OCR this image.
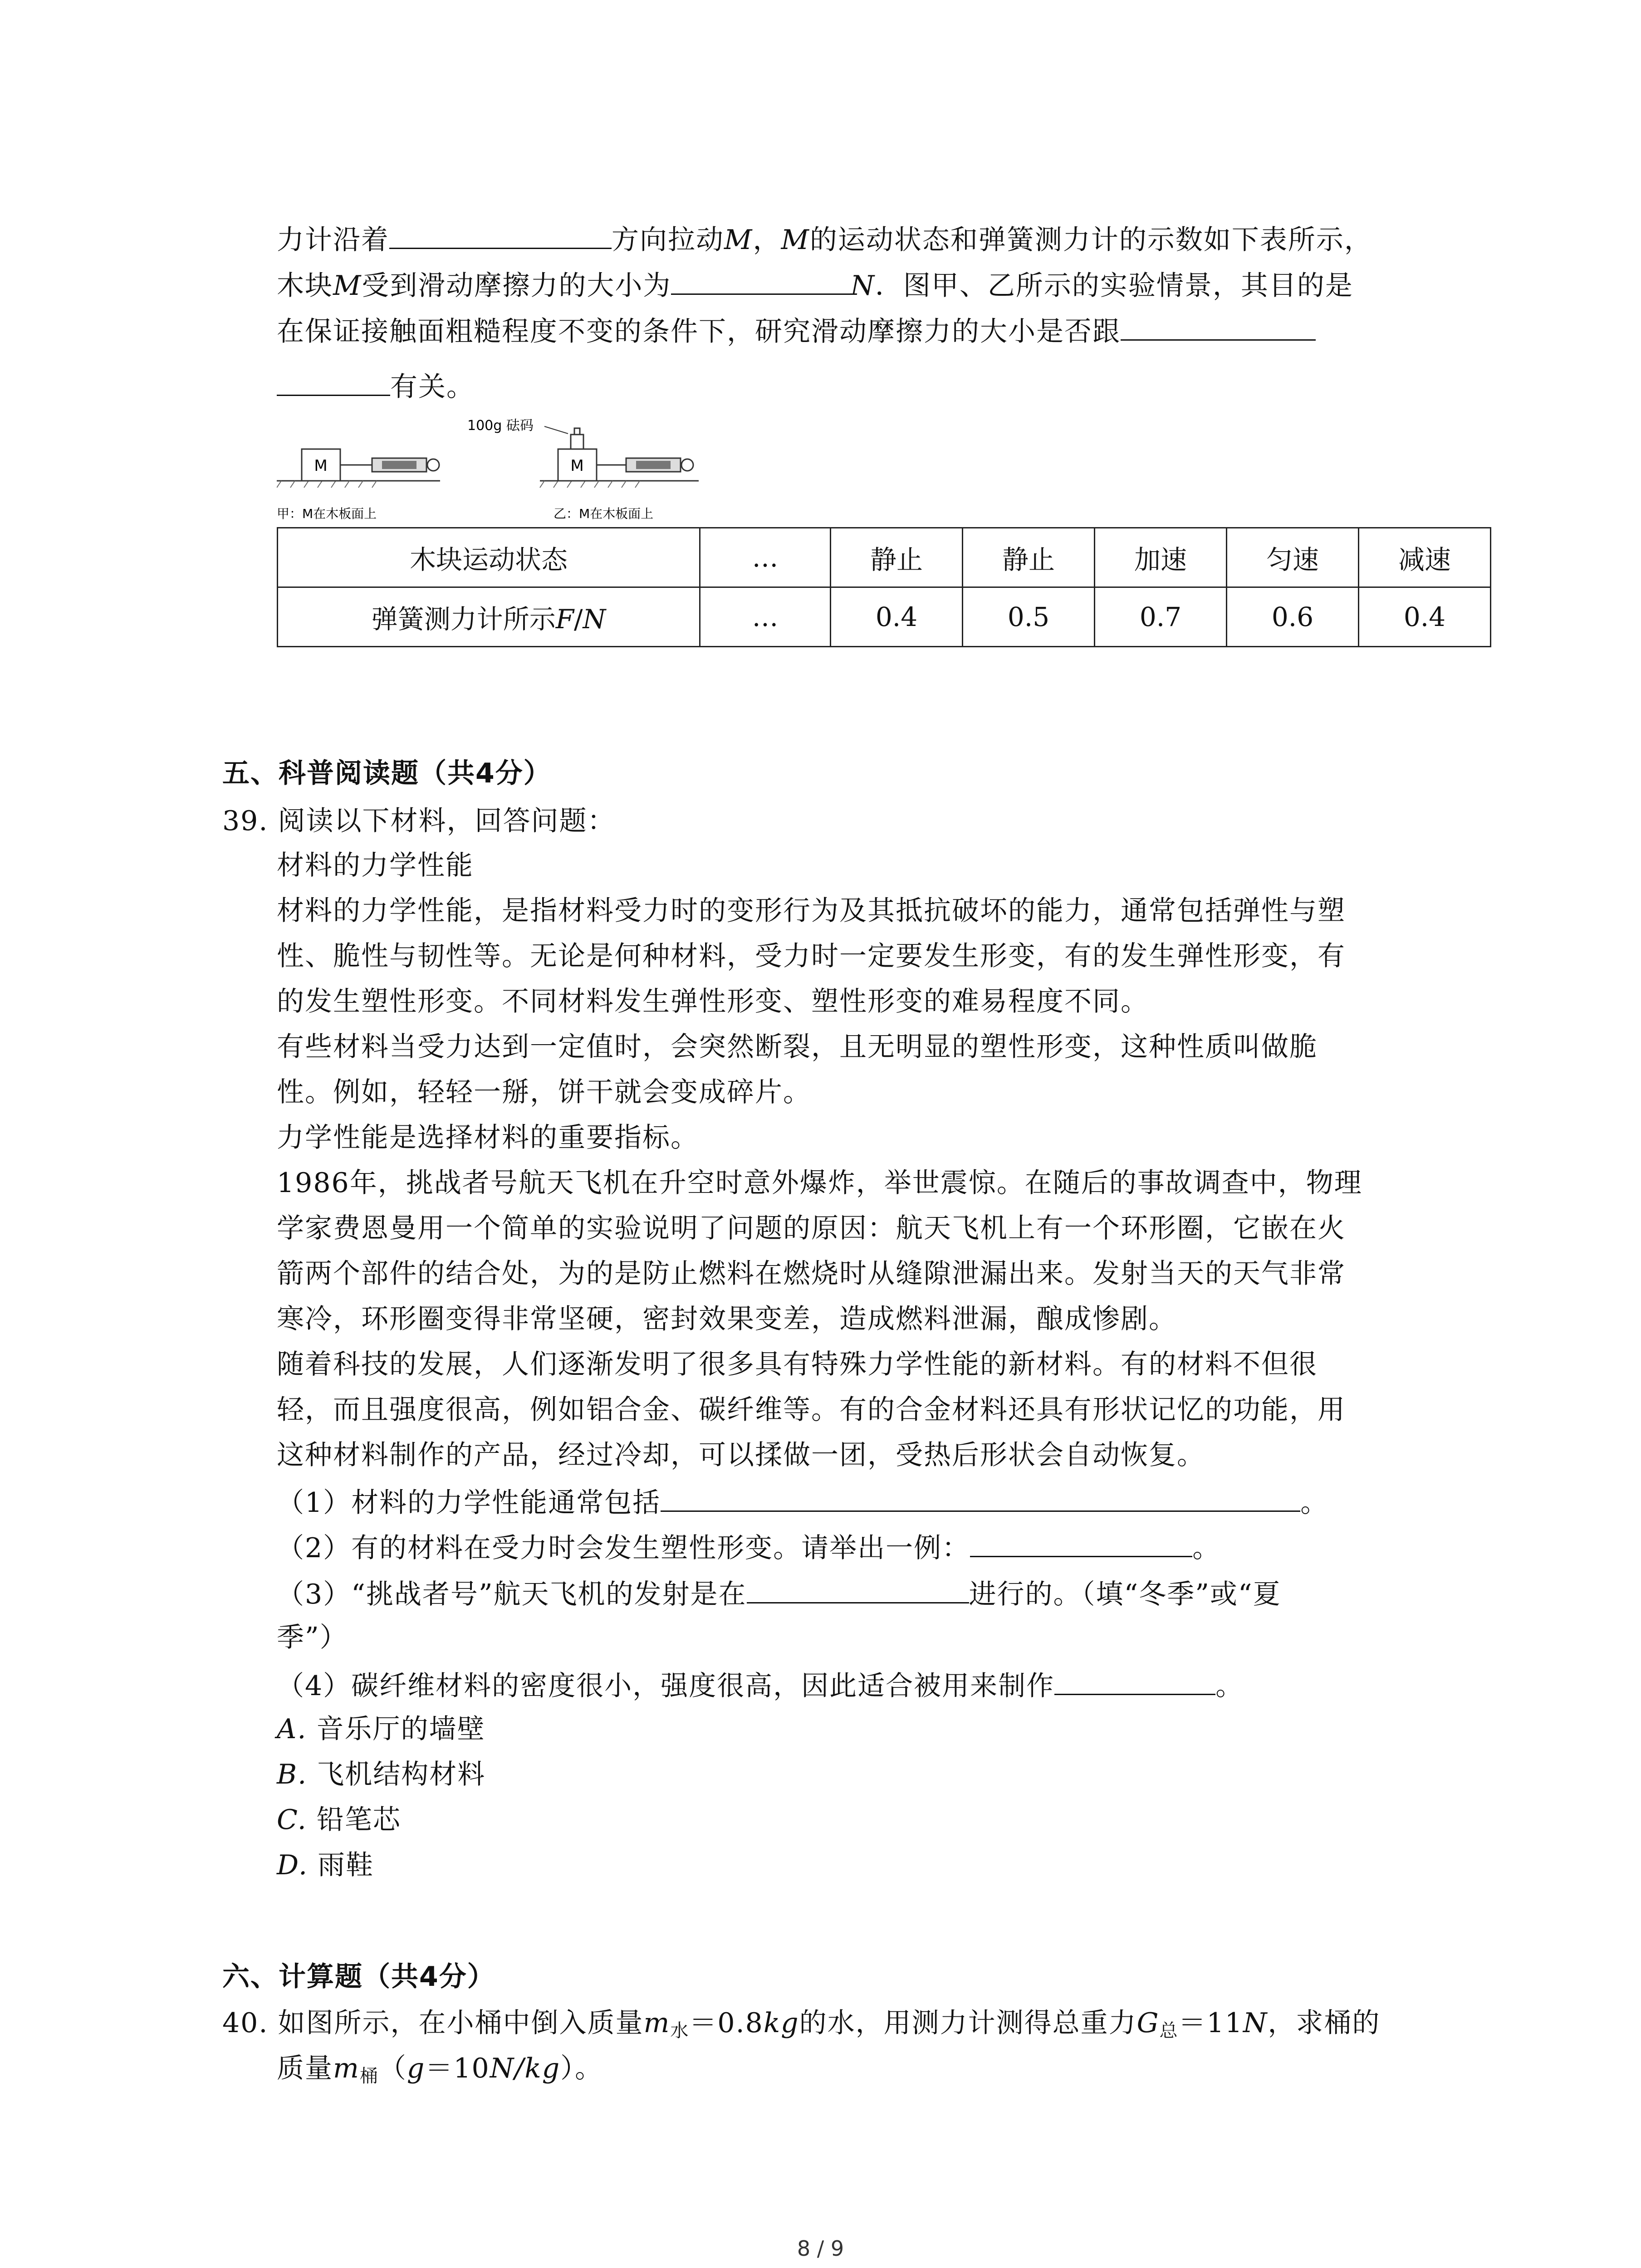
力计沿着	方向拉动M，M的运动状态和弹簧测力计的示数如下表所示，
木块M受到滑动摩擦力的大小为	N．图甲、乙所示的实验情景，其目的是
在保证接触面粗糙程度不变的条件下，研究滑动摩擦力的大小是否跟
有关。
M
甲：M在木板面上
M
100g 砝码
乙：M在木板面上
木块运动状态	…	静止	静止	加速	匀速	减速
弹簧测力计所示F/N	…	0.4	0.5	0.7	0.6	0.4
五、科普阅读题（共4分）
39. 阅读以下材料，回答问题：
材料的力学性能
材料的力学性能，是指材料受力时的变形行为及其抵抗破坏的能力，通常包括弹性与塑
性、脆性与韧性等。无论是何种材料，受力时一定要发生形变，有的发生弹性形变，有
的发生塑性形变。不同材料发生弹性形变、塑性形变的难易程度不同。
有些材料当受力达到一定值时，会突然断裂，且无明显的塑性形变，这种性质叫做脆
性。例如，轻轻一掰，饼干就会变成碎片。
力学性能是选择材料的重要指标。
1986年，挑战者号航天飞机在升空时意外爆炸，举世震惊。在随后的事故调查中，物理
学家费恩曼用一个简单的实验说明了问题的原因：航天飞机上有一个环形圈，它嵌在火
箭两个部件的结合处，为的是防止燃料在燃烧时从缝隙泄漏出来。发射当天的天气非常
寒冷，环形圈变得非常坚硬，密封效果变差，造成燃料泄漏，酿成惨剧。
随着科技的发展，人们逐渐发明了很多具有特殊力学性能的新材料。有的材料不但很
轻，而且强度很高，例如铝合金、碳纤维等。有的合金材料还具有形状记忆的功能，用
这种材料制作的产品，经过冷却，可以揉做一团，受热后形状会自动恢复。
（1）材料的力学性能通常包括	。
（2）有的材料在受力时会发生塑性形变。请举出一例：	。
（3）“挑战者号”航天飞机的发射是在	进行的。（填“冬季”或“夏
季”）
（4）碳纤维材料的密度很小，强度很高，因此适合被用来制作	。
A. 音乐厅的墙壁
B. 飞机结构材料
C. 铅笔芯
D. 雨鞋
六、计算题（共4分）
40. 如图所示，在小桶中倒入质量$m_水=0.8kg$的水，用测力计测得总重力$G_总=11N$，求桶的
质量$m_桶(g=10N/kg)$。
8 / 9
